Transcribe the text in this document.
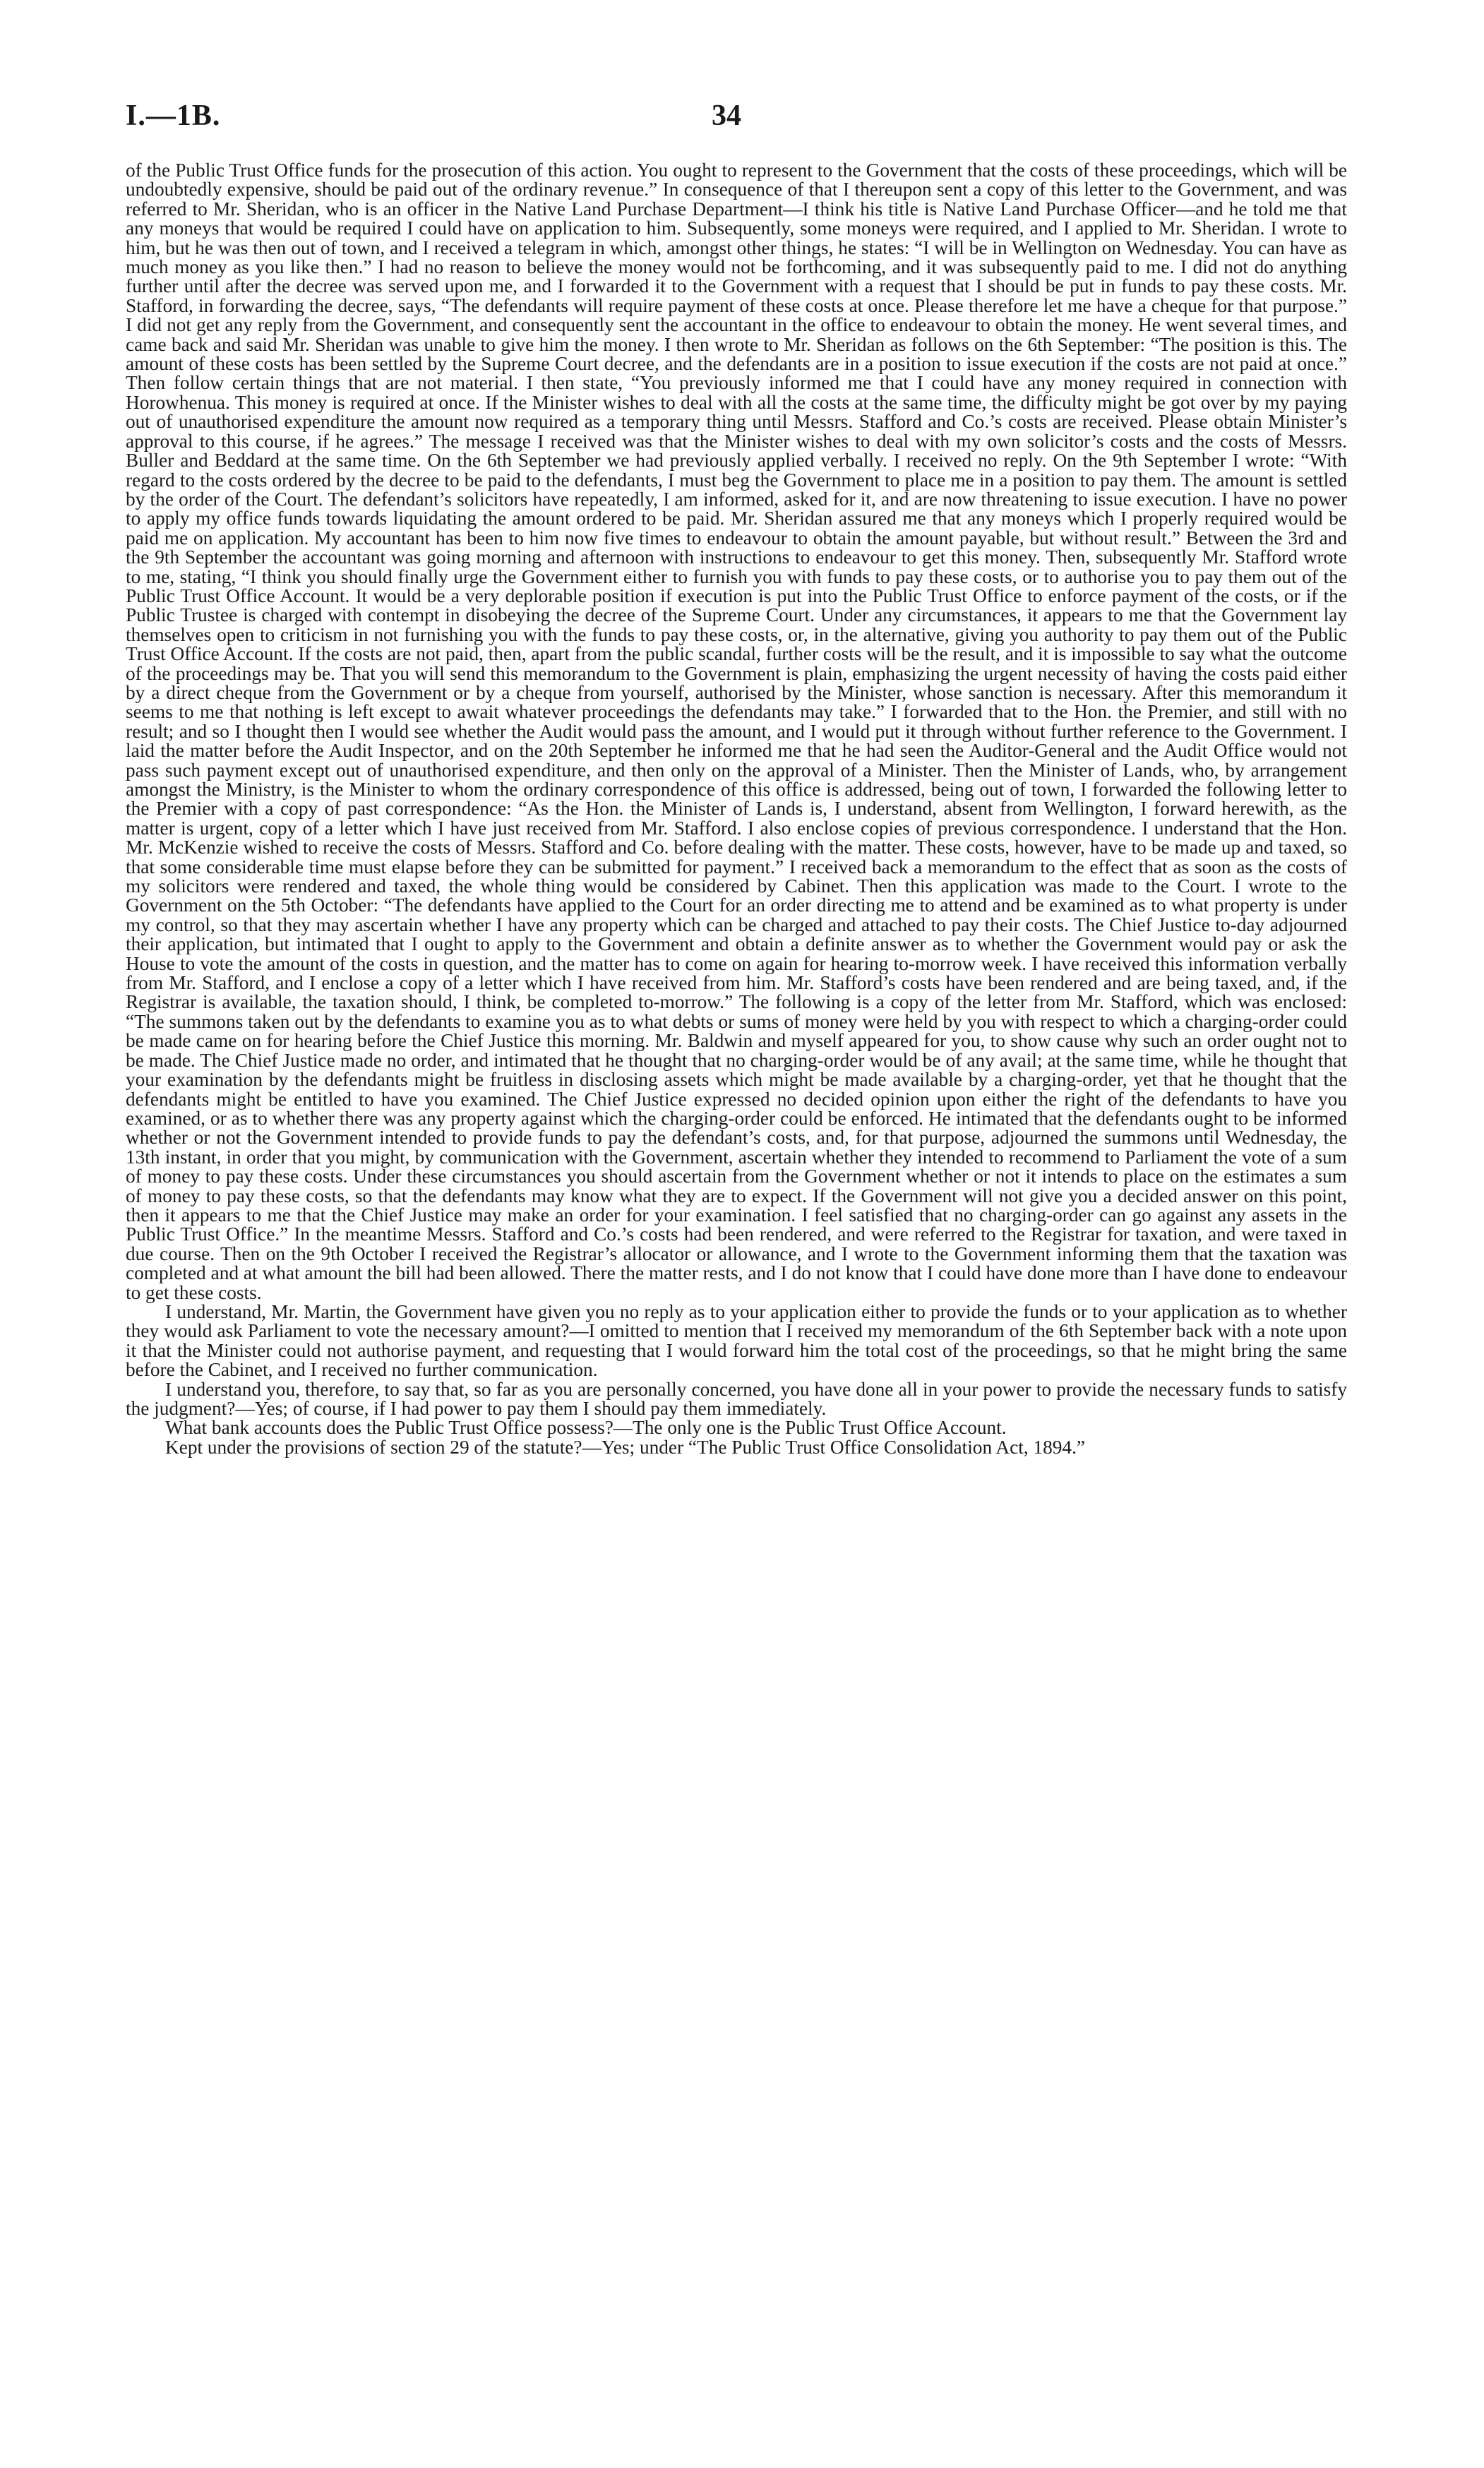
I.—1B.	34

of the Public Trust Office funds for the prosecution of this action. You ought to represent to the Government that the costs of these proceedings, which will be undoubtedly expensive, should be paid out of the ordinary revenue.” In consequence of that I thereupon sent a copy of this letter to the Government, and was referred to Mr. Sheridan, who is an officer in the Native Land Purchase Department—I think his title is Native Land Purchase Officer—and he told me that any moneys that would be required I could have on application to him. Subsequently, some moneys were required, and I applied to Mr. Sheridan. I wrote to him, but he was then out of town, and I received a telegram in which, amongst other things, he states: “I will be in Wellington on Wednesday. You can have as much money as you like then.” I had no reason to believe the money would not be forthcoming, and it was subsequently paid to me. I did not do anything further until after the decree was served upon me, and I forwarded it to the Government with a request that I should be put in funds to pay these costs. Mr. Stafford, in forwarding the decree, says, “The defendants will require payment of these costs at once. Please therefore let me have a cheque for that purpose.” I did not get any reply from the Government, and consequently sent the accountant in the office to endeavour to obtain the money. He went several times, and came back and said Mr. Sheridan was unable to give him the money. I then wrote to Mr. Sheridan as follows on the 6th September: “The position is this. The amount of these costs has been settled by the Supreme Court decree, and the defendants are in a position to issue execution if the costs are not paid at once.” Then follow certain things that are not material. I then state, “You previously informed me that I could have any money required in connection with Horowhenua. This money is required at once. If the Minister wishes to deal with all the costs at the same time, the difficulty might be got over by my paying out of unauthorised expenditure the amount now required as a temporary thing until Messrs. Stafford and Co.’s costs are received. Please obtain Minister’s approval to this course, if he agrees.” The message I received was that the Minister wishes to deal with my own solicitor’s costs and the costs of Messrs. Buller and Beddard at the same time. On the 6th September we had previously applied verbally. I received no reply. On the 9th September I wrote: “With regard to the costs ordered by the decree to be paid to the defendants, I must beg the Government to place me in a position to pay them. The amount is settled by the order of the Court. The defendant’s solicitors have repeatedly, I am informed, asked for it, and are now threatening to issue execution. I have no power to apply my office funds towards liquidating the amount ordered to be paid. Mr. Sheridan assured me that any moneys which I properly required would be paid me on application. My accountant has been to him now five times to endeavour to obtain the amount payable, but without result.” Between the 3rd and the 9th September the accountant was going morning and afternoon with instructions to endeavour to get this money. Then, subsequently Mr. Stafford wrote to me, stating, “I think you should finally urge the Government either to furnish you with funds to pay these costs, or to authorise you to pay them out of the Public Trust Office Account. It would be a very deplorable position if execution is put into the Public Trust Office to enforce payment of the costs, or if the Public Trustee is charged with contempt in disobeying the decree of the Supreme Court. Under any circumstances, it appears to me that the Government lay themselves open to criticism in not furnishing you with the funds to pay these costs, or, in the alternative, giving you authority to pay them out of the Public Trust Office Account. If the costs are not paid, then, apart from the public scandal, further costs will be the result, and it is impossible to say what the outcome of the proceedings may be. That you will send this memorandum to the Government is plain, emphasizing the urgent necessity of having the costs paid either by a direct cheque from the Government or by a cheque from yourself, authorised by the Minister, whose sanction is necessary. After this memorandum it seems to me that nothing is left except to await whatever proceedings the defendants may take.” I forwarded that to the Hon. the Premier, and still with no result; and so I thought then I would see whether the Audit would pass the amount, and I would put it through without further reference to the Government. I laid the matter before the Audit Inspector, and on the 20th September he informed me that he had seen the Auditor-General and the Audit Office would not pass such payment except out of unauthorised expenditure, and then only on the approval of a Minister. Then the Minister of Lands, who, by arrangement amongst the Ministry, is the Minister to whom the ordinary correspondence of this office is addressed, being out of town, I forwarded the following letter to the Premier with a copy of past correspondence: “As the Hon. the Minister of Lands is, I understand, absent from Wellington, I forward herewith, as the matter is urgent, copy of a letter which I have just received from Mr. Stafford. I also enclose copies of previous correspondence. I understand that the Hon. Mr. McKenzie wished to receive the costs of Messrs. Stafford and Co. before dealing with the matter. These costs, however, have to be made up and taxed, so that some considerable time must elapse before they can be submitted for payment.” I received back a memorandum to the effect that as soon as the costs of my solicitors were rendered and taxed, the whole thing would be considered by Cabinet. Then this application was made to the Court. I wrote to the Government on the 5th October: “The defendants have applied to the Court for an order directing me to attend and be examined as to what property is under my control, so that they may ascertain whether I have any property which can be charged and attached to pay their costs. The Chief Justice to-day adjourned their application, but intimated that I ought to apply to the Government and obtain a definite answer as to whether the Government would pay or ask the House to vote the amount of the costs in question, and the matter has to come on again for hearing to-morrow week. I have received this information verbally from Mr. Stafford, and I enclose a copy of a letter which I have received from him. Mr. Stafford’s costs have been rendered and are being taxed, and, if the Registrar is available, the taxation should, I think, be completed to-morrow.” The following is a copy of the letter from Mr. Stafford, which was enclosed: “The summons taken out by the defendants to examine you as to what debts or sums of money were held by you with respect to which a charging-order could be made came on for hearing before the Chief Justice this morning. Mr. Baldwin and myself appeared for you, to show cause why such an order ought not to be made. The Chief Justice made no order, and intimated that he thought that no charging-order would be of any avail; at the same time, while he thought that your examination by the defendants might be fruitless in disclosing assets which might be made available by a charging-order, yet that he thought that the defendants might be entitled to have you examined. The Chief Justice expressed no decided opinion upon either the right of the defendants to have you examined, or as to whether there was any property against which the charging-order could be enforced. He intimated that the defendants ought to be informed whether or not the Government intended to provide funds to pay the defendant’s costs, and, for that purpose, adjourned the summons until Wednesday, the 13th instant, in order that you might, by communication with the Government, ascertain whether they intended to recommend to Parliament the vote of a sum of money to pay these costs. Under these circumstances you should ascertain from the Government whether or not it intends to place on the estimates a sum of money to pay these costs, so that the defendants may know what they are to expect. If the Government will not give you a decided answer on this point, then it appears to me that the Chief Justice may make an order for your examination. I feel satisfied that no charging-order can go against any assets in the Public Trust Office.” In the meantime Messrs. Stafford and Co.’s costs had been rendered, and were referred to the Registrar for taxation, and were taxed in due course. Then on the 9th October I received the Registrar’s allocator or allowance, and I wrote to the Government informing them that the taxation was completed and at what amount the bill had been allowed. There the matter rests, and I do not know that I could have done more than I have done to endeavour to get these costs.

I understand, Mr. Martin, the Government have given you no reply as to your application either to provide the funds or to your application as to whether they would ask Parliament to vote the necessary amount?—I omitted to mention that I received my memorandum of the 6th September back with a note upon it that the Minister could not authorise payment, and requesting that I would forward him the total cost of the proceedings, so that he might bring the same before the Cabinet, and I received no further communication.

I understand you, therefore, to say that, so far as you are personally concerned, you have done all in your power to provide the necessary funds to satisfy the judgment?—Yes; of course, if I had power to pay them I should pay them immediately.

What bank accounts does the Public Trust Office possess?—The only one is the Public Trust Office Account.

Kept under the provisions of section 29 of the statute?—Yes; under “The Public Trust Office Consolidation Act, 1894.”
